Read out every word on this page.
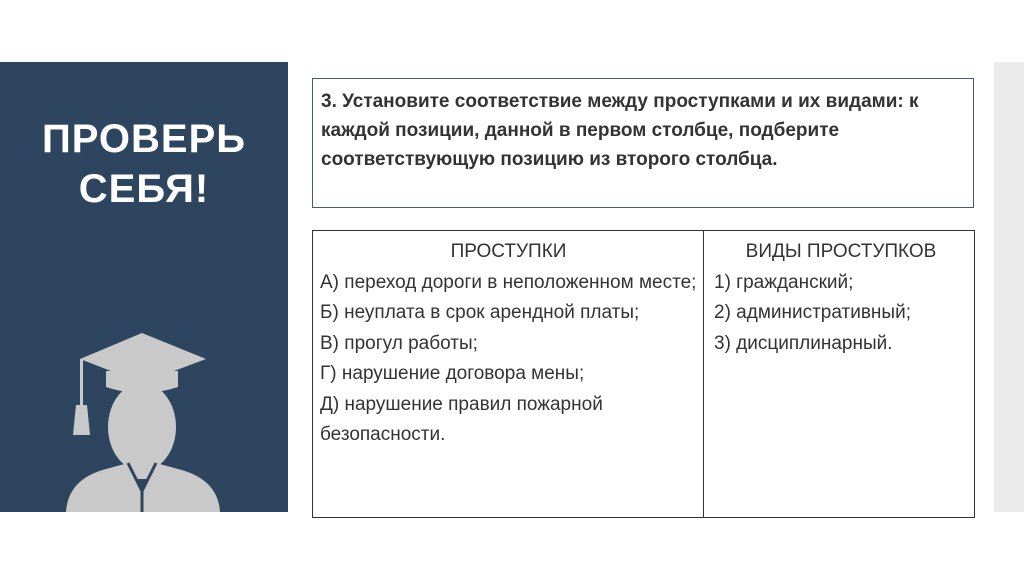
ПРОВЕРЬ
СЕБЯ!
3. Установите соответствие между проступками и их видами: к каждой позиции, данной в первом столбце, подберите соответствующую позицию из второго столбца.
ПРОСТУПКИ

А) переход дороги в неположенном месте;

Б) неуплата в срок арендной платы;

В) прогул работы;

Г) нарушение договора мены;

Д) нарушение правил пожарной безопасности.

ВИДЫ ПРОСТУПКОВ

1) гражданский;

2) административный;

3) дисциплинарный.
